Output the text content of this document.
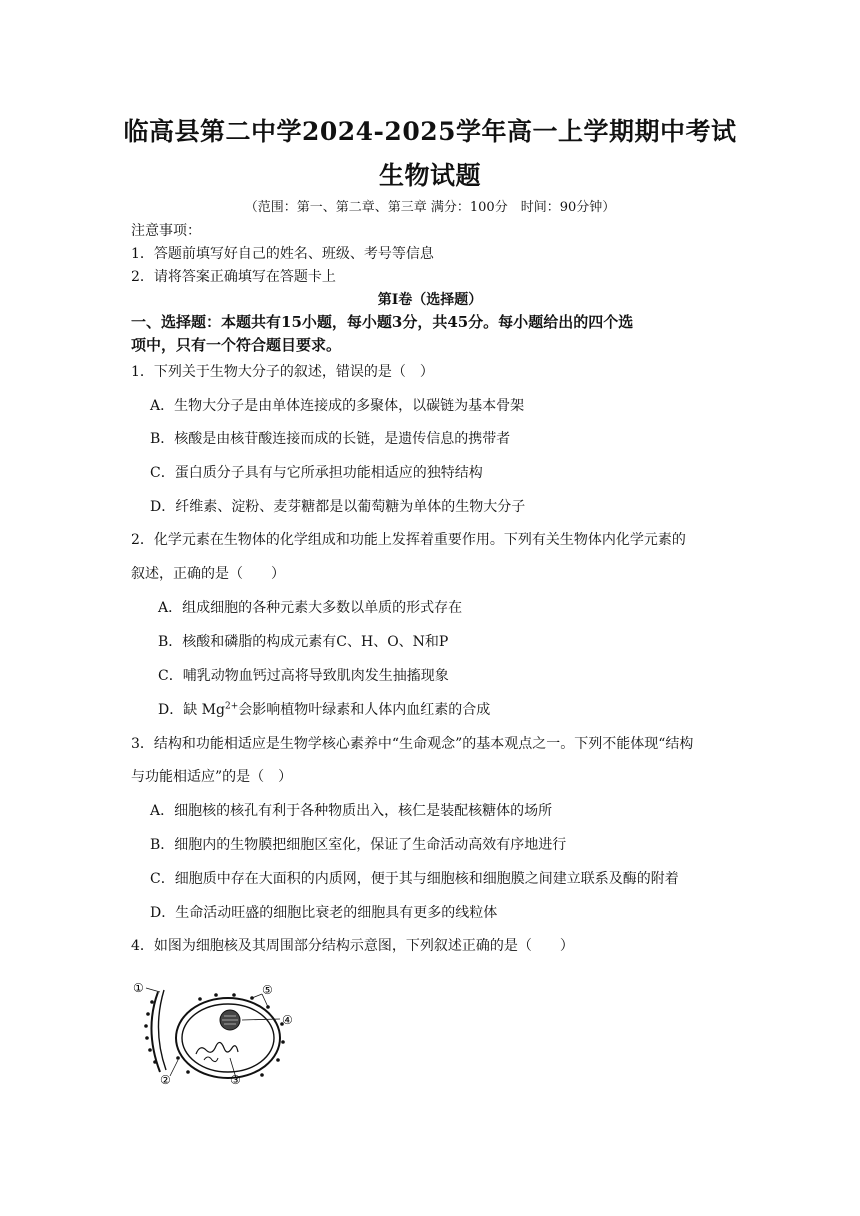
临高县第二中学2024-2025学年高一上学期期中考试
生物试题
（范围：第一、第二章、第三章 满分：100分　时间：90分钟）
注意事项：
1．答题前填写好自己的姓名、班级、考号等信息
2．请将答案正确填写在答题卡上
第Ⅰ卷（选择题）
一、选择题：本题共有15小题，每小题3分，共45分。每小题给出的四个选
项中，只有一个符合题目要求。
1．下列关于生物大分子的叙述，错误的是（　）
A．生物大分子是由单体连接成的多聚体，以碳链为基本骨架
B．核酸是由核苷酸连接而成的长链，是遗传信息的携带者
C．蛋白质分子具有与它所承担功能相适应的独特结构
D．纤维素、淀粉、麦芽糖都是以葡萄糖为单体的生物大分子
2．化学元素在生物体的化学组成和功能上发挥着重要作用。下列有关生物体内化学元素的
叙述，正确的是（　　）
A．组成细胞的各种元素大多数以单质的形式存在
B．核酸和磷脂的构成元素有C、H、O、N和P
C．哺乳动物血钙过高将导致肌肉发生抽搐现象
D．缺 $Mg^{2+}$会影响植物叶绿素和人体内血红素的合成
3．结构和功能相适应是生物学核心素养中“生命观念”的基本观点之一。下列不能体现“结构
与功能相适应”的是（　）
A．细胞核的核孔有利于各种物质出入，核仁是装配核糖体的场所
B．细胞内的生物膜把细胞区室化，保证了生命活动高效有序地进行
C．细胞质中存在大面积的内质网，便于其与细胞核和细胞膜之间建立联系及酶的附着
D．生命活动旺盛的细胞比衰老的细胞具有更多的线粒体
4．如图为细胞核及其周围部分结构示意图，下列叙述正确的是（　　）
①
②	③
④
⑤
